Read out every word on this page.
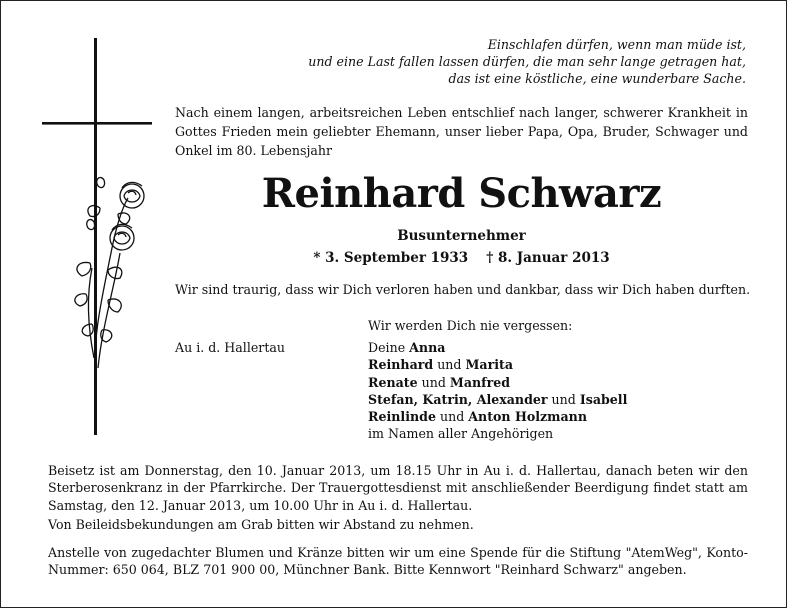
Einschlafen dürfen, wenn man müde ist,
und eine Last fallen lassen dürfen, die man sehr lange getragen hat,
das ist eine köstliche, eine wunderbare Sache.
Nach einem langen, arbeitsreichen Leben entschlief nach langer, schwerer Krankheit in Gottes Frieden mein geliebter Ehemann, unser lieber Papa, Opa, Bruder, Schwager und Onkel im 80. Lebensjahr
Reinhard Schwarz
Busunternehmer
* 3. September 1933 † 8. Januar 2013
Wir sind traurig, dass wir Dich verloren haben und dankbar, dass wir Dich haben durften.
Wir werden Dich nie vergessen:
Au i. d. Hallertau	Deine Anna
Reinhard und Marita
Renate und Manfred
Stefan, Katrin, Alexander und Isabell
Reinlinde und Anton Holzmann
im Namen aller Angehörigen
Beisetz ist am Donnerstag, den 10. Januar 2013, um 18.15 Uhr in Au i. d. Hallertau, danach beten wir den Sterberosenkranz in der Pfarrkirche. Der Trauergottesdienst mit anschließender Beerdigung findet statt am Samstag, den 12. Januar 2013, um 10.00 Uhr in Au i. d. Hallertau.
Von Beileidsbekundungen am Grab bitten wir Abstand zu nehmen.
Anstelle von zugedachter Blumen und Kränze bitten wir um eine Spende für die Stiftung "AtemWeg", Konto-Nummer: 650 064, BLZ 701 900 00, Münchner Bank. Bitte Kennwort "Reinhard Schwarz" angeben.
